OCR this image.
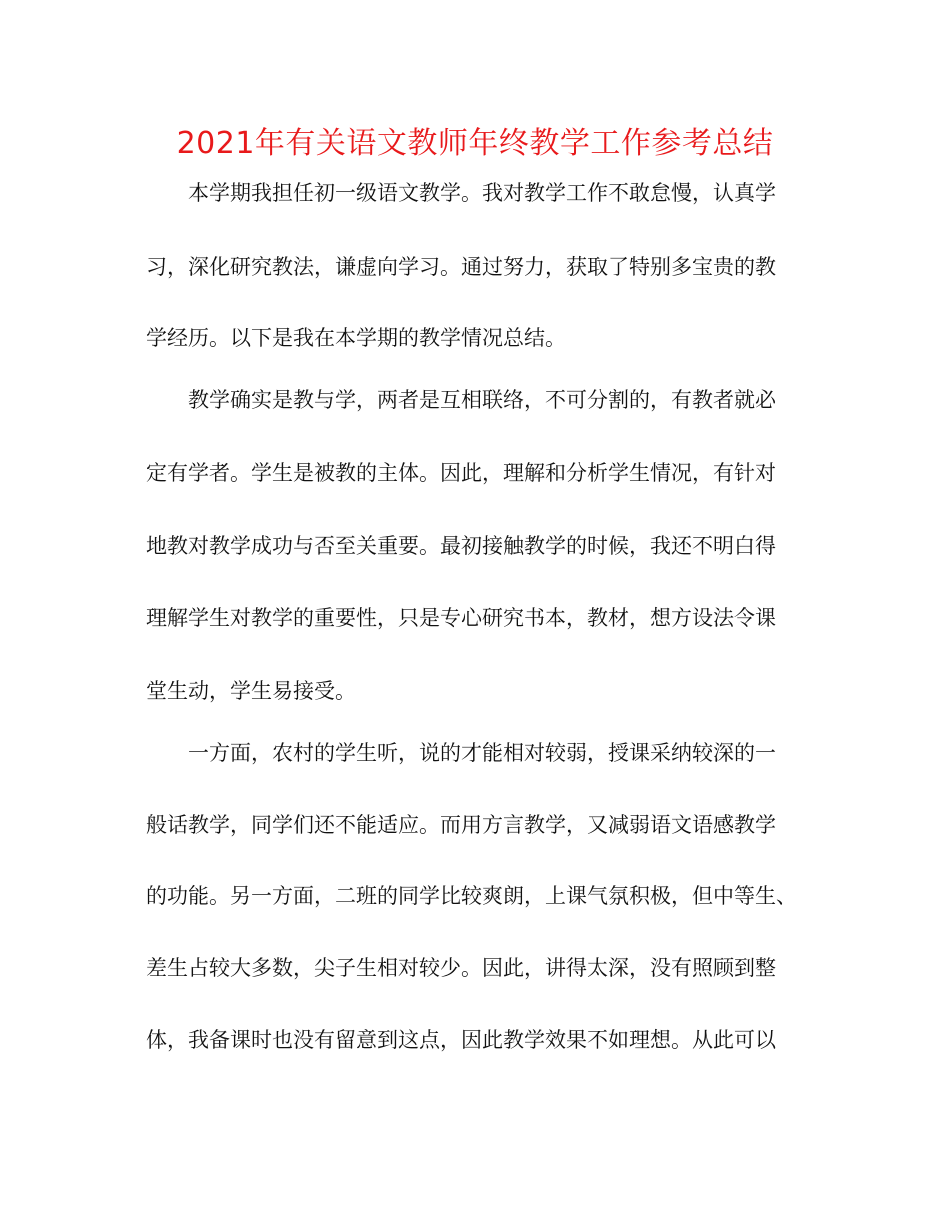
2021年有关语文教师年终教学工作参考总结
本学期我担任初一级语文教学。我对教学工作不敢怠慢，认真学
习，深化研究教法，谦虚向学习。通过努力，获取了特别多宝贵的教
学经历。以下是我在本学期的教学情况总结。
教学确实是教与学，两者是互相联络，不可分割的，有教者就必
定有学者。学生是被教的主体。因此，理解和分析学生情况，有针对
地教对教学成功与否至关重要。最初接触教学的时候，我还不明白得
理解学生对教学的重要性，只是专心研究书本，教材，想方设法令课
堂生动，学生易接受。
一方面，农村的学生听，说的才能相对较弱，授课采纳较深的一
般话教学，同学们还不能适应。而用方言教学，又减弱语文语感教学
的功能。另一方面，二班的同学比较爽朗，上课气氛积极，但中等生、
差生占较大多数，尖子生相对较少。因此，讲得太深，没有照顾到整
体，我备课时也没有留意到这点，因此教学效果不如理想。从此可以
